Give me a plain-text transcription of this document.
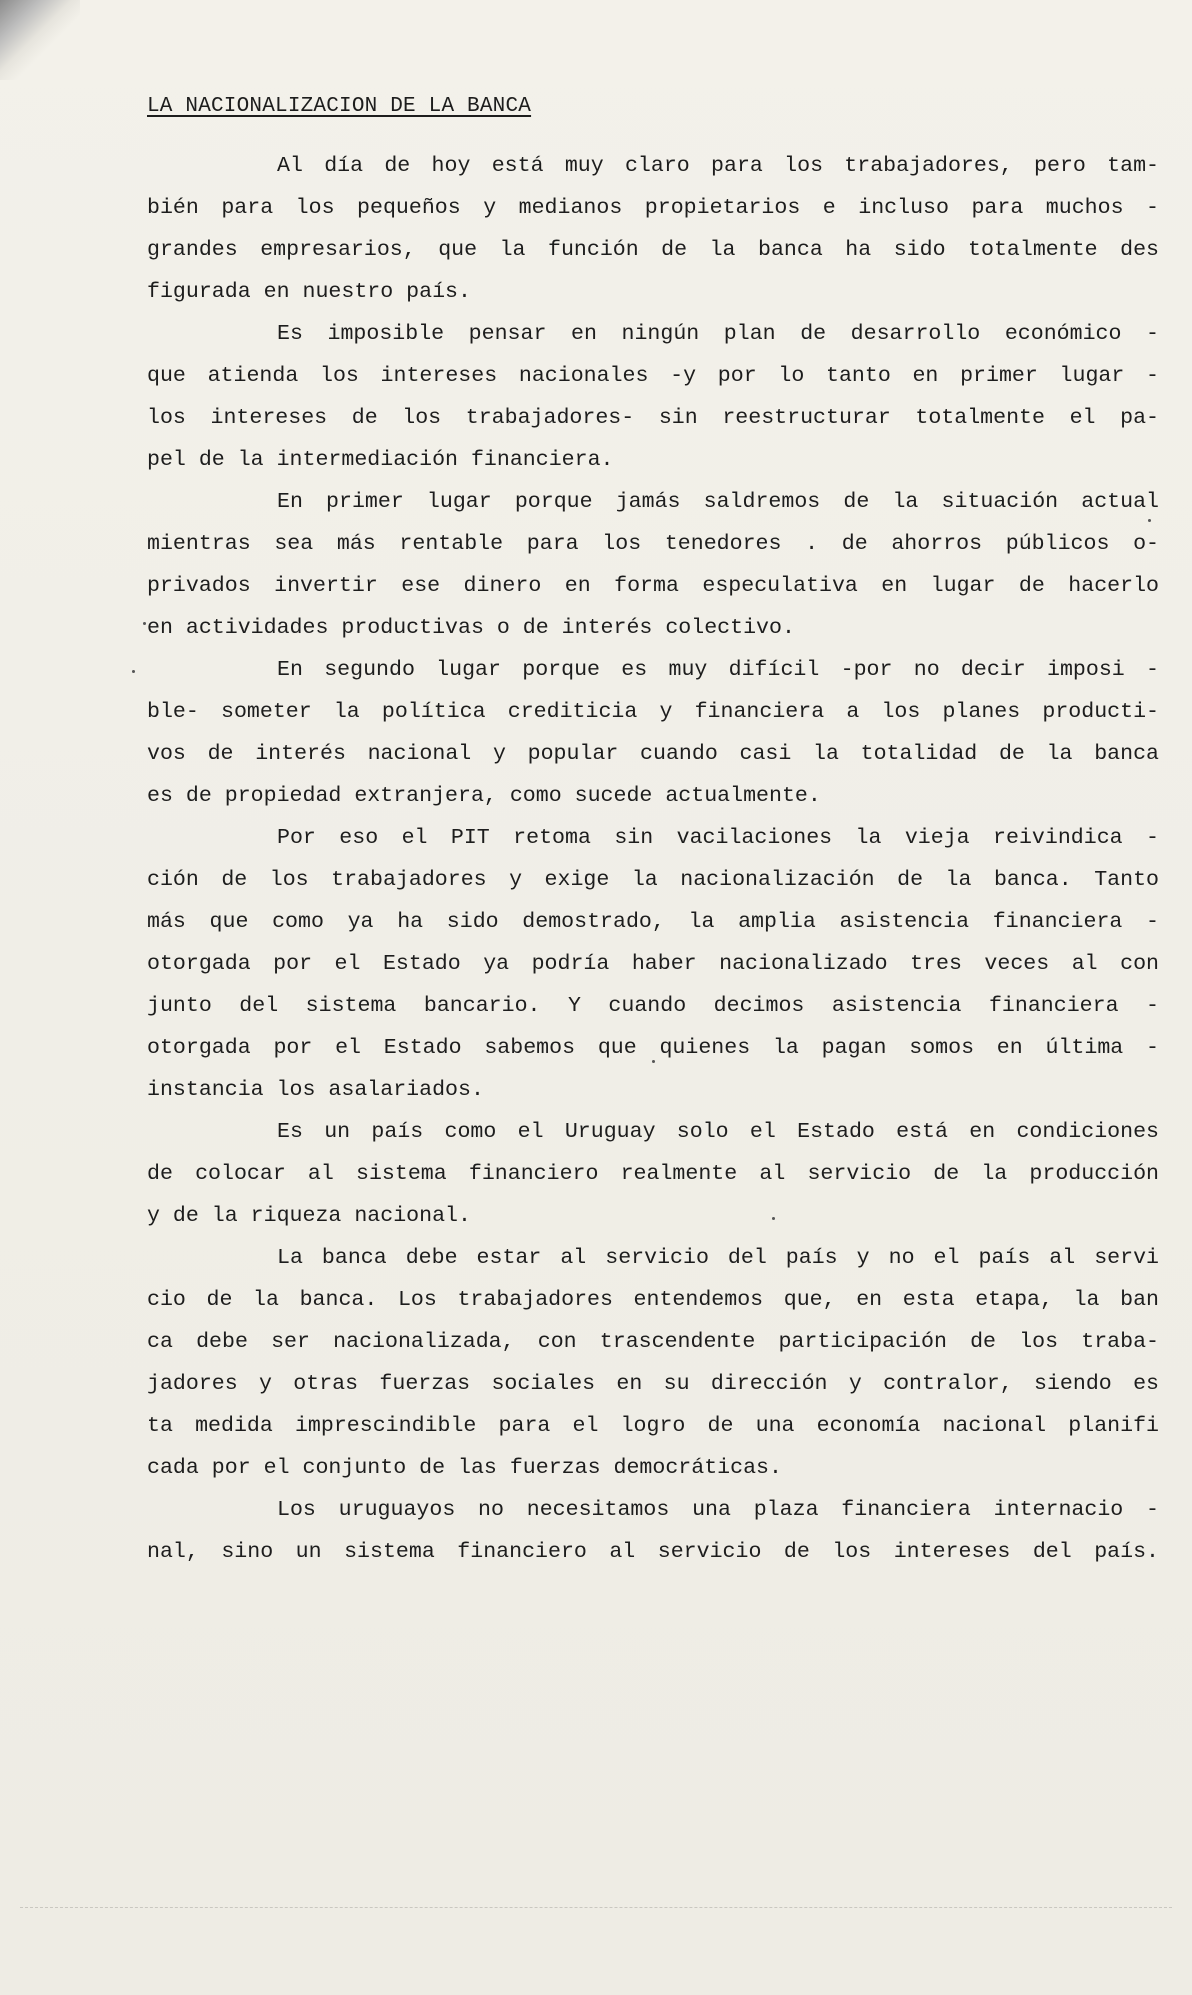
LA NACIONALIZACION DE LA BANCA
Al día de hoy está muy claro para los trabajadores, pero tam-
bién para los pequeños y medianos propietarios e incluso para muchos -
grandes empresarios, que la función de la banca ha sido totalmente des
figurada en nuestro país.
Es imposible pensar en ningún plan de desarrollo económico -
que atienda los intereses nacionales -y por lo tanto en primer lugar -
los intereses de los trabajadores- sin reestructurar totalmente el pa-
pel de la intermediación financiera.
En primer lugar porque jamás saldremos de la situación actual
mientras sea más rentable para los tenedores . de ahorros públicos o-
privados invertir ese dinero en forma especulativa en lugar de hacerlo
en actividades productivas o de interés colectivo.
En segundo lugar porque es muy difícil -por no decir imposi -
ble- someter la política crediticia y financiera a los planes producti-
vos de interés nacional y popular cuando casi la totalidad de la banca
es de propiedad extranjera, como sucede actualmente.
Por eso el PIT retoma sin vacilaciones la vieja reivindica -
ción de los trabajadores y exige la nacionalización de la banca. Tanto
más que como ya ha sido demostrado, la amplia asistencia financiera -
otorgada por el Estado ya podría haber nacionalizado tres veces al con
junto del sistema bancario. Y cuando decimos asistencia financiera -
otorgada por el Estado sabemos que quienes la pagan somos en última -
instancia los asalariados.
Es un país como el Uruguay solo el Estado está en condiciones
de colocar al sistema financiero realmente al servicio de la producción
y de la riqueza nacional.
La banca debe estar al servicio del país y no el país al servi
cio de la banca. Los trabajadores entendemos que, en esta etapa, la ban
ca debe ser nacionalizada, con trascendente participación de los traba-
jadores y otras fuerzas sociales en su dirección y contralor, siendo es
ta medida imprescindible para el logro de una economía nacional planifi
cada por el conjunto de las fuerzas democráticas.
Los uruguayos no necesitamos una plaza financiera internacio -
nal, sino un sistema financiero al servicio de los intereses del país.
